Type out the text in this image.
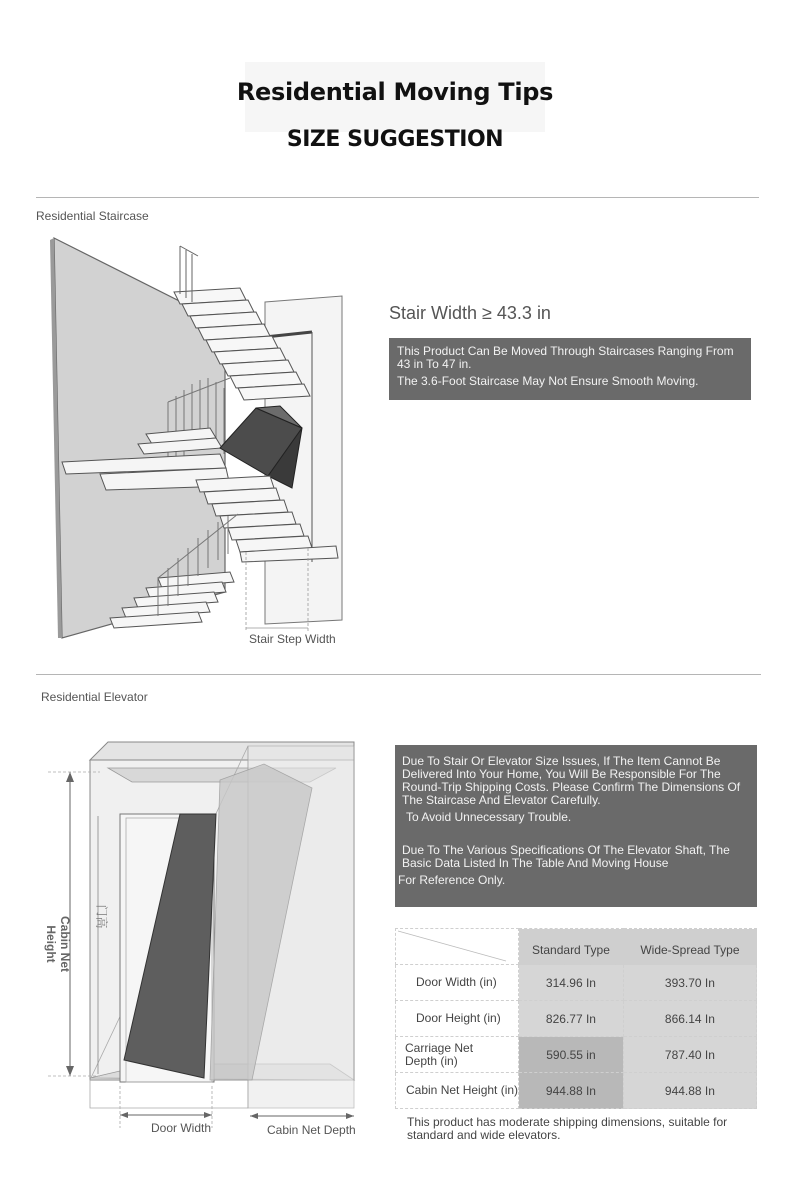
Residential Moving Tips
SIZE SUGGESTION
Residential Staircase
Stair Step Width
Stair Width ≥ 43.3 in

This Product Can Be Moved Through Staircases Ranging From 43 in To 47 in.

The 3.6-Foot Staircase May Not Ensure Smooth Moving.

Residential Elevator
Cabin Net Height
门高
Door Width	Cabin Net Depth

Due To Stair Or Elevator Size Issues, If The Item Cannot Be Delivered Into Your Home, You Will Be Responsible For The Round-Trip Shipping Costs. Please Confirm The Dimensions Of The Staircase And Elevator Carefully.

To Avoid Unnecessary Trouble.

Due To The Various Specifications Of The Elevator Shaft, The Basic Data Listed In The Table And Moving House

For Reference Only.

	Standard Type	Wide-Spread Type
Door Width (in)	314.96 In	393.70 In
Door Height (in)	826.77 In	866.14 In
Carriage Net Depth (in)	590.55 in	787.40 In
Cabin Net Height (in)	944.88 In	944.88 In
This product has moderate shipping dimensions, suitable for standard and wide elevators.
